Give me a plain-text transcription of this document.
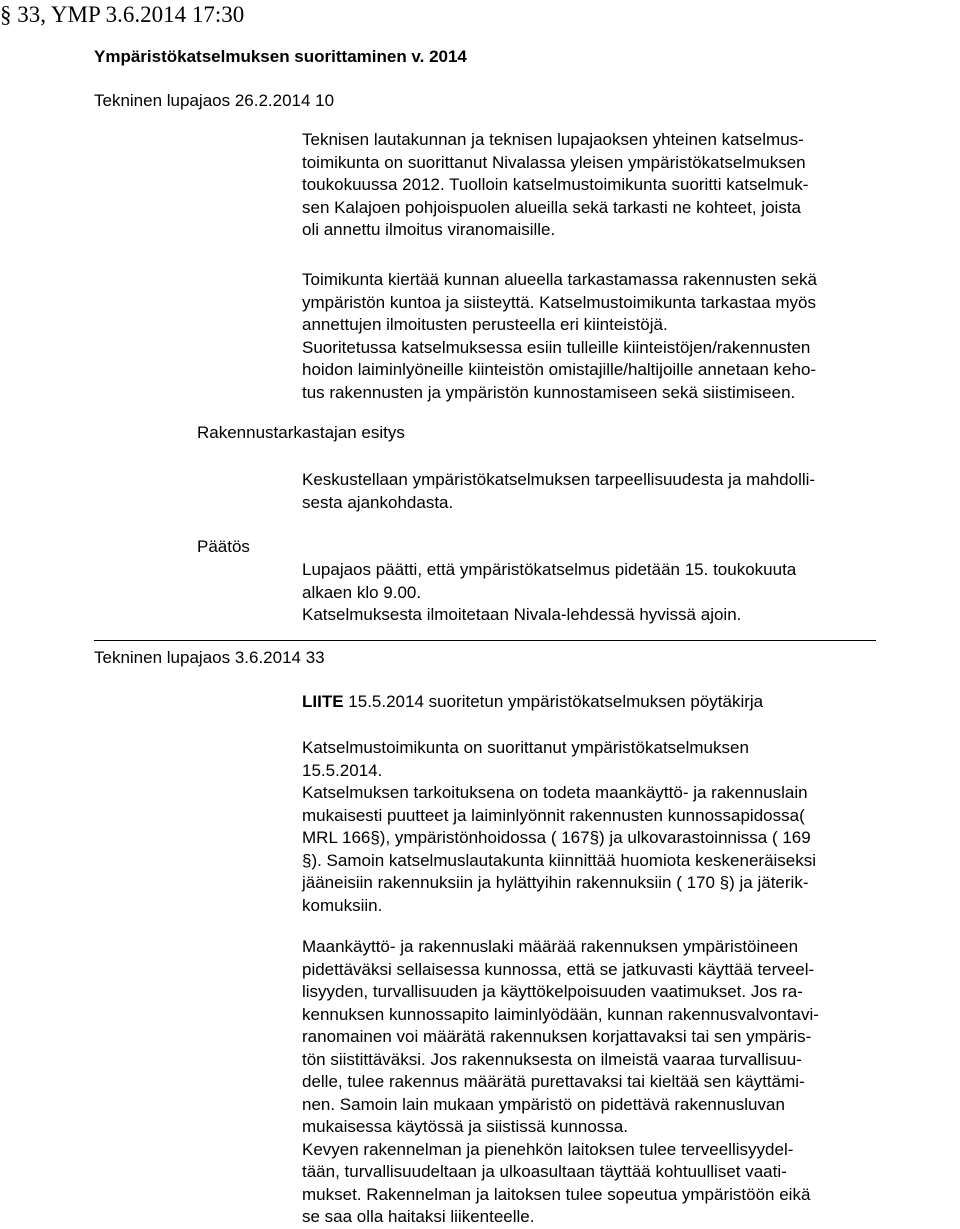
§ 33, YMP 3.6.2014 17:30
Ympäristökatselmuksen suorittaminen v. 2014
Tekninen lupajaos 26.2.2014 10

Teknisen lautakunnan ja teknisen lupajaoksen yhteinen katselmus-

toimikunta on suorittanut Nivalassa yleisen ympäristökatselmuksen

toukokuussa 2012. Tuolloin katselmustoimikunta suoritti katselmuk-

sen Kalajoen pohjoispuolen alueilla sekä tarkasti ne kohteet, joista

oli annettu ilmoitus viranomaisille.

Toimikunta kiertää kunnan alueella tarkastamassa rakennusten sekä

ympäristön kuntoa ja siisteyttä. Katselmustoimikunta tarkastaa myös

annettujen ilmoitusten perusteella eri kiinteistöjä.

Suoritetussa katselmuksessa esiin tulleille kiinteistöjen/rakennusten

hoidon laiminlyöneille kiinteistön omistajille/haltijoille annetaan keho-

tus rakennusten ja ympäristön kunnostamiseen sekä siistimiseen.

Rakennustarkastajan esitys

Keskustellaan ympäristökatselmuksen tarpeellisuudesta ja mahdolli-

sesta ajankohdasta.

Päätös

Lupajaos päätti, että ympäristökatselmus pidetään 15. toukokuuta

alkaen klo 9.00.

Katselmuksesta ilmoitetaan Nivala-lehdessä hyvissä ajoin.

Tekninen lupajaos 3.6.2014 33

LIITE 15.5.2014 suoritetun ympäristökatselmuksen pöytäkirja

Katselmustoimikunta on suorittanut ympäristökatselmuksen

15.5.2014.

Katselmuksen tarkoituksena on todeta maankäyttö- ja rakennuslain

mukaisesti puutteet ja laiminlyönnit rakennusten kunnossapidossa(

MRL 166§), ympäristönhoidossa ( 167§) ja ulkovarastoinnissa ( 169

§). Samoin katselmuslautakunta kiinnittää huomiota keskeneräiseksi

jääneisiin rakennuksiin ja hylättyihin rakennuksiin ( 170 §) ja jäterik-

komuksiin.

Maankäyttö- ja rakennuslaki määrää rakennuksen ympäristöineen

pidettäväksi sellaisessa kunnossa, että se jatkuvasti käyttää terveel-

lisyyden, turvallisuuden ja käyttökelpoisuuden vaatimukset. Jos ra-

kennuksen kunnossapito laiminlyödään, kunnan rakennusvalvontavi-

ranomainen voi määrätä rakennuksen korjattavaksi tai sen ympäris-

tön siistittäväksi. Jos rakennuksesta on ilmeistä vaaraa turvallisuu-

delle, tulee rakennus määrätä purettavaksi tai kieltää sen käyttämi-

nen. Samoin lain mukaan ympäristö on pidettävä rakennusluvan

mukaisessa käytössä ja siistissä kunnossa.

Kevyen rakennelman ja pienehkön laitoksen tulee terveellisyydel-

tään, turvallisuudeltaan ja ulkoasultaan täyttää kohtuulliset vaati-

mukset. Rakennelman ja laitoksen tulee sopeutua ympäristöön eikä

se saa olla haitaksi liikenteelle.
